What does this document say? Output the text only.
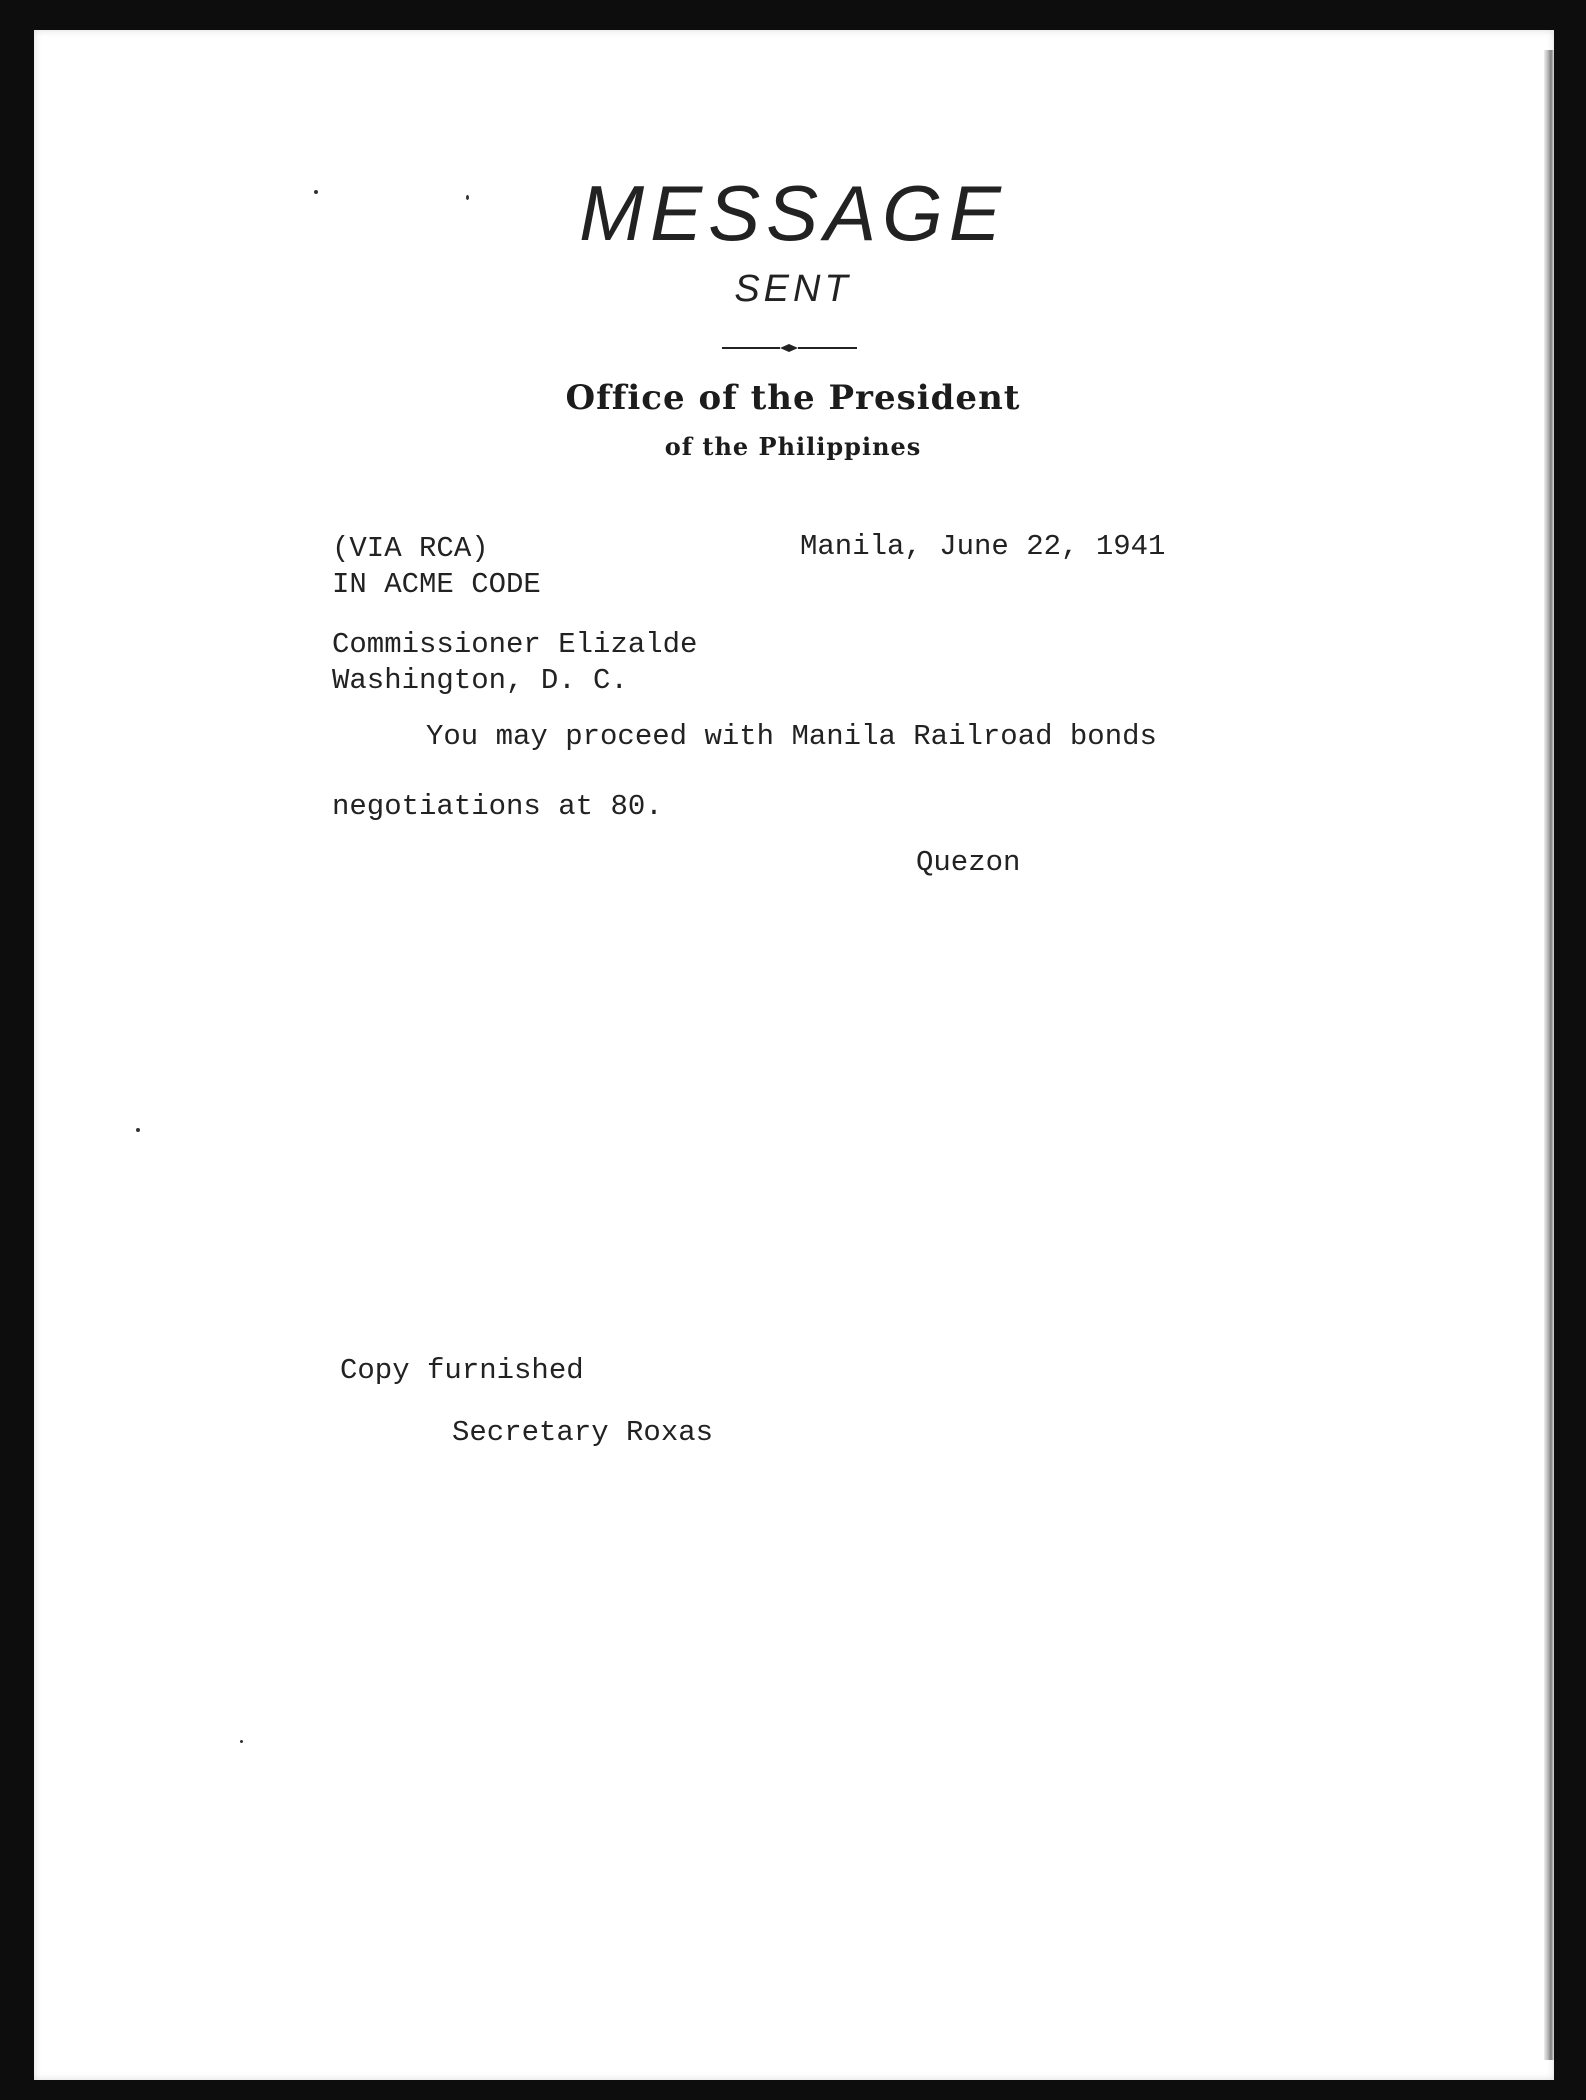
MESSAGE
SENT
Office of the President
of the Philippines
(VIA RCA)
IN ACME CODE
Manila, June 22, 1941
Commissioner Elizalde
Washington, D. C.
You may proceed with Manila Railroad bonds
negotiations at 80.
Quezon
Copy furnished
Secretary Roxas
